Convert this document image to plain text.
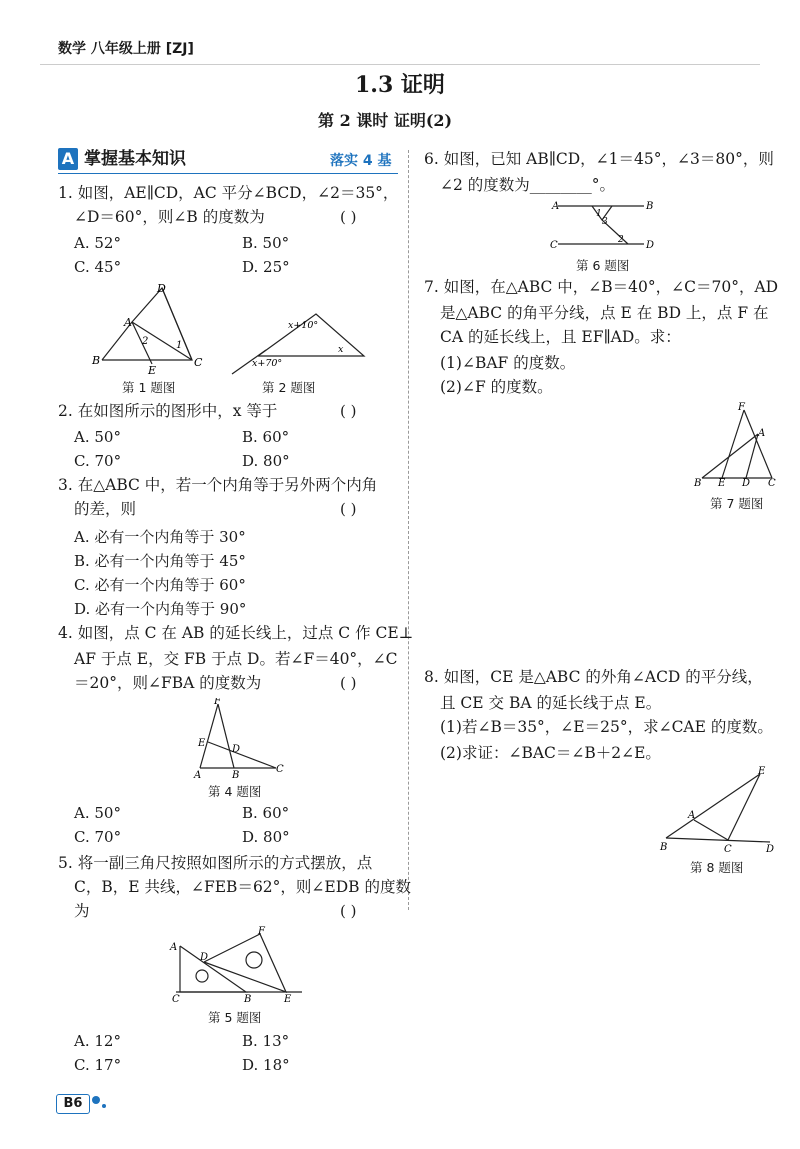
数学 八年级上册 [ZJ]
1.3 证明
第 2 课时 证明(2)
A 掌握基本知识	落实 4 基
1. 如图，AE∥CD，AC 平分∠BCD，∠2＝35°，
∠D＝60°，则∠B 的度数为	( )
A. 52°	B. 50°
C. 45°	D. 25°
D
A
E
B	C
2	1
第 1 题图
x+10°
x+70°
x
第 2 题图
2. 在如图所示的图形中，x 等于	( )
A. 50°	B. 60°
C. 70°	D. 80°
3. 在△ABC 中，若一个内角等于另外两个内角
的差，则	( )
A. 必有一个内角等于 30°
B. 必有一个内角等于 45°
C. 必有一个内角等于 60°
D. 必有一个内角等于 90°
4. 如图，点 C 在 AB 的延长线上，过点 C 作 CE⊥
AF 于点 E，交 FB 于点 D。若∠F＝40°，∠C
＝20°，则∠FBA 的度数为	( )
F
E
D
A	B
C
第 4 题图
A. 50°	B. 60°
C. 70°	D. 80°
5. 将一副三角尺按照如图所示的方式摆放，点
C，B，E 共线，∠FEB＝62°，则∠EDB 的度数
为	( )
A
D
F
C	B	E
第 5 题图
A. 12°	B. 13°
C. 17°	D. 18°
B6
6. 如图，已知 AB∥CD，∠1＝45°，∠3＝80°，则
∠2 的度数为________°。
A	B
C	D
1
3
2
第 6 题图
7. 如图，在△ABC 中，∠B＝40°，∠C＝70°，AD
是△ABC 的角平分线，点 E 在 BD 上，点 F 在
CA 的延长线上，且 EF∥AD。求：
(1)∠BAF 的度数。
(2)∠F 的度数。
F
A
B E D C
第 7 题图
8. 如图，CE 是△ABC 的外角∠ACD 的平分线，
且 CE 交 BA 的延长线于点 E。
(1)若∠B＝35°，∠E＝25°，求∠CAE 的度数。
(2)求证：∠BAC＝∠B＋2∠E。
E
A
B	C	D
第 8 题图
